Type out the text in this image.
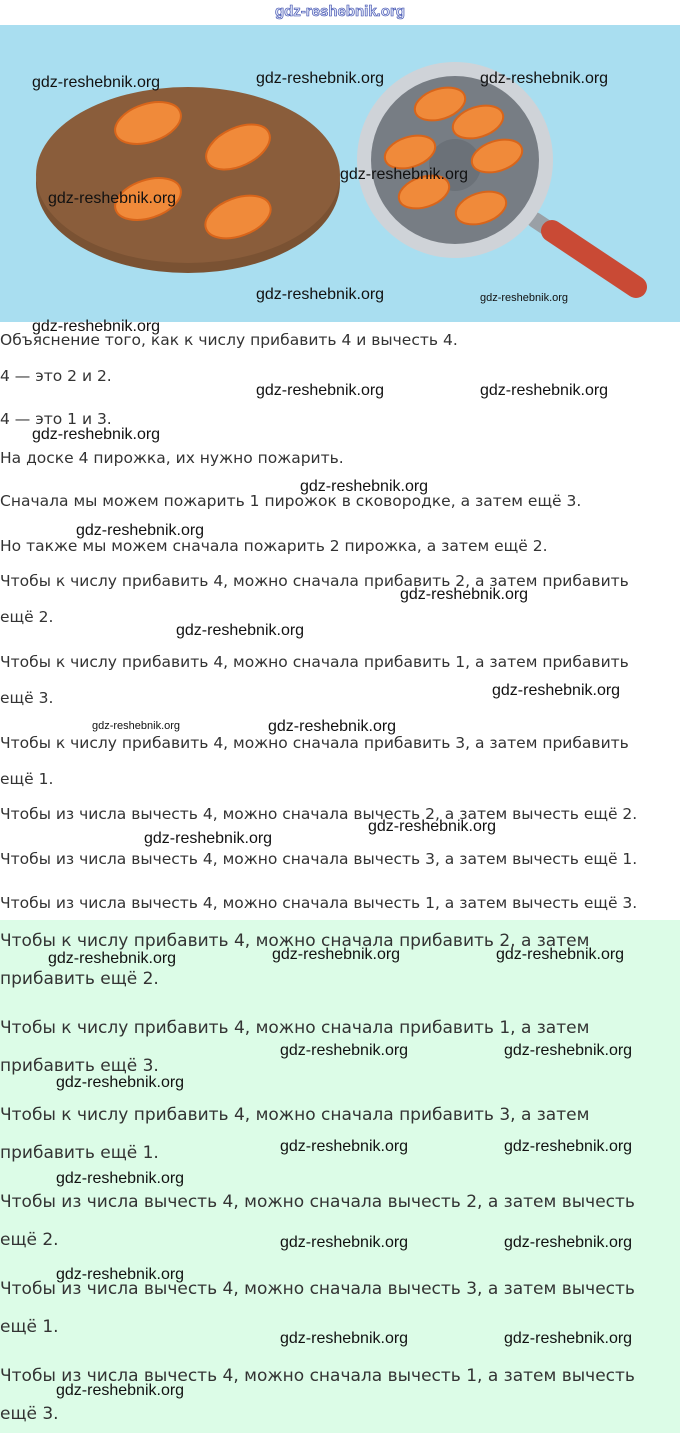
gdz-reshebnik.org

Объяснение того, как к числу прибавить 4 и вычесть 4.

4 — это 2 и 2.

4 — это 1 и 3.

На доске 4 пирожка, их нужно пожарить.

Сначала мы можем пожарить 1 пирожок в сковородке, а затем ещё 3.

Но также мы можем сначала пожарить 2 пирожка, а затем ещё 2.

Чтобы к числу прибавить 4, можно сначала прибавить 2, а затем прибавить

ещё 2.

Чтобы к числу прибавить 4, можно сначала прибавить 1, а затем прибавить

ещё 3.

Чтобы к числу прибавить 4, можно сначала прибавить 3, а затем прибавить

ещё 1.

Чтобы из числа вычесть 4, можно сначала вычесть 2, а затем вычесть ещё 2.

Чтобы из числа вычесть 4, можно сначала вычесть 3, а затем вычесть ещё 1.

Чтобы из числа вычесть 4, можно сначала вычесть 1, а затем вычесть ещё 3.

Чтобы к числу прибавить 4, можно сначала прибавить 2, а затем
прибавить ещё 2.
Чтобы к числу прибавить 4, можно сначала прибавить 1, а затем
прибавить ещё 3.
Чтобы к числу прибавить 4, можно сначала прибавить 3, а затем
прибавить ещё 1.
Чтобы из числа вычесть 4, можно сначала вычесть 2, а затем вычесть
ещё 2.
Чтобы из числа вычесть 4, можно сначала вычесть 3, а затем вычесть
ещё 1.
Чтобы из числа вычесть 4, можно сначала вычесть 1, а затем вычесть
ещё 3.
gdz-reshebnik.org	gdz-reshebnik.org	gdz-reshebnik.org
gdz-reshebnik.org
gdz-reshebnik.org
gdz-reshebnik.org	gdz-reshebnik.org
gdz-reshebnik.org
gdz-reshebnik.org	gdz-reshebnik.org
gdz-reshebnik.org
gdz-reshebnik.org
gdz-reshebnik.org
gdz-reshebnik.org
gdz-reshebnik.org
gdz-reshebnik.org
gdz-reshebnik.org	gdz-reshebnik.org
gdz-reshebnik.org
gdz-reshebnik.org
gdz-reshebnik.org	gdz-reshebnik.org	gdz-reshebnik.org
gdz-reshebnik.org	gdz-reshebnik.org
gdz-reshebnik.org
gdz-reshebnik.org	gdz-reshebnik.org
gdz-reshebnik.org
gdz-reshebnik.org	gdz-reshebnik.org
gdz-reshebnik.org
gdz-reshebnik.org	gdz-reshebnik.org
gdz-reshebnik.org
